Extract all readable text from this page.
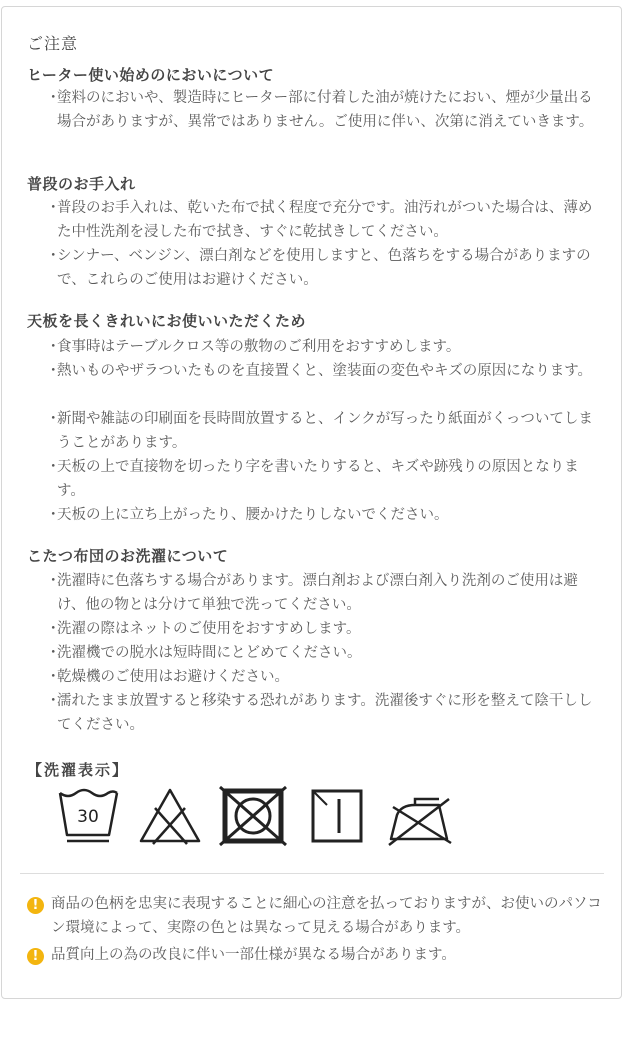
ご注意
ヒーター使い始めのにおいについて
・
塗料のにおいや、製造時にヒーター部に付着した油が焼けたにおい、煙が少量出る場合がありますが、異常ではありません。ご使用に伴い、次第に消えていきます。
普段のお手入れ
・
普段のお手入れは、乾いた布で拭く程度で充分です。油汚れがついた場合は、薄めた中性洗剤を浸した布で拭き、すぐに乾拭きしてください。
・
シンナー、ベンジン、漂白剤などを使用しますと、色落ちをする場合がありますので、これらのご使用はお避けください。
天板を長くきれいにお使いいただくため
・
食事時はテーブルクロス等の敷物のご利用をおすすめします。
・
熱いものやザラついたものを直接置くと、塗装面の変色やキズの原因になります。
・
新聞や雑誌の印刷面を長時間放置すると、インクが写ったり紙面がくっついてしまうことがあります。
・
天板の上で直接物を切ったり字を書いたりすると、キズや跡残りの原因となります。
・
天板の上に立ち上がったり、腰かけたりしないでください。
こたつ布団のお洗濯について
・
洗濯時に色落ちする場合があります。漂白剤および漂白剤入り洗剤のご使用は避け、他の物とは分けて単独で洗ってください。
・
洗濯の際はネットのご使用をおすすめします。
・
洗濯機での脱水は短時間にとどめてください。
・
乾燥機のご使用はお避けください。
・
濡れたまま放置すると移染する恐れがあります。洗濯後すぐに形を整えて陰干ししてください。
【洗濯表示】
30
! 商品の色柄を忠実に表現することに細心の注意を払っておりますが、お使いのパソコン環境によって、実際の色とは異なって見える場合があります。
! 品質向上の為の改良に伴い一部仕様が異なる場合があります。
